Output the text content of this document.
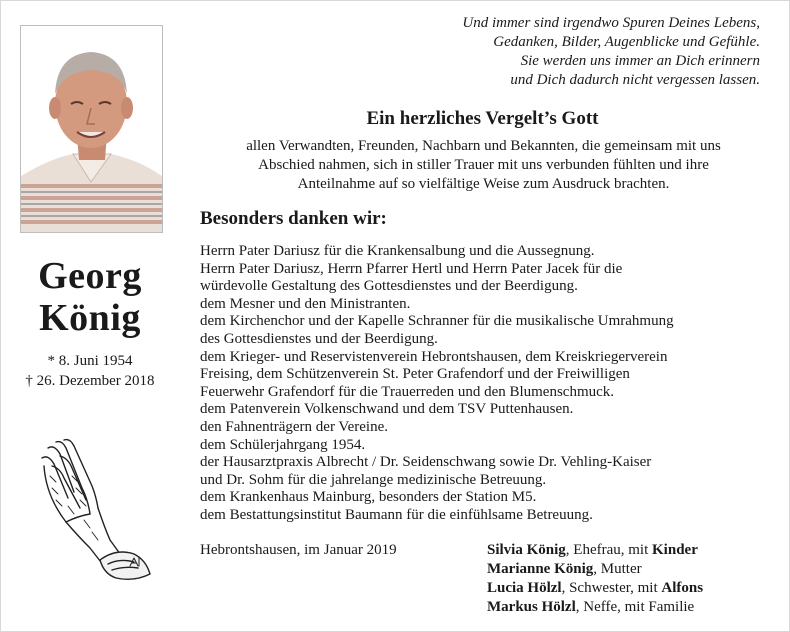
Georg
König
* 8. Juni 1954
† 26. Dezember 2018
Und immer sind irgendwo Spuren Deines Lebens,
Gedanken, Bilder, Augenblicke und Gefühle.
Sie werden uns immer an Dich erinnern
und Dich dadurch nicht vergessen lassen.
Ein herzliches Vergelt’s Gott
allen Verwandten, Freunden, Nachbarn und Bekannten, die gemeinsam mit uns
Abschied nahmen, sich in stiller Trauer mit uns verbunden fühlten und ihre
Anteilnahme auf so vielfältige Weise zum Ausdruck brachten.
Besonders danken wir:
Herrn Pater Dariusz für die Krankensalbung und die Aussegnung.
Herrn Pater Dariusz, Herrn Pfarrer Hertl und Herrn Pater Jacek für die
würdevolle Gestaltung des Gottesdienstes und der Beerdigung.
dem Mesner und den Ministranten.
dem Kirchenchor und der Kapelle Schranner für die musikalische Umrahmung
des Gottesdienstes und der Beerdigung.
dem Krieger- und Reservistenverein Hebrontshausen, dem Kreiskriegerverein
Freising, dem Schützenverein St. Peter Grafendorf und der Freiwilligen
Feuerwehr Grafendorf für die Trauerreden und den Blumenschmuck.
dem Patenverein Volkenschwand und dem TSV Puttenhausen.
den Fahnenträgern der Vereine.
dem Schülerjahrgang 1954.
der Hausarztpraxis Albrecht / Dr. Seidenschwang sowie Dr. Vehling-Kaiser
und Dr. Sohm für die jahrelange medizinische Betreuung.
dem Krankenhaus Mainburg, besonders der Station M5.
dem Bestattungsinstitut Baumann für die einfühlsame Betreuung.
Hebrontshausen, im Januar 2019	Silvia König, Ehefrau, mit Kinder
Marianne König, Mutter
Lucia Hölzl, Schwester, mit Alfons
Markus Hölzl, Neffe, mit Familie
